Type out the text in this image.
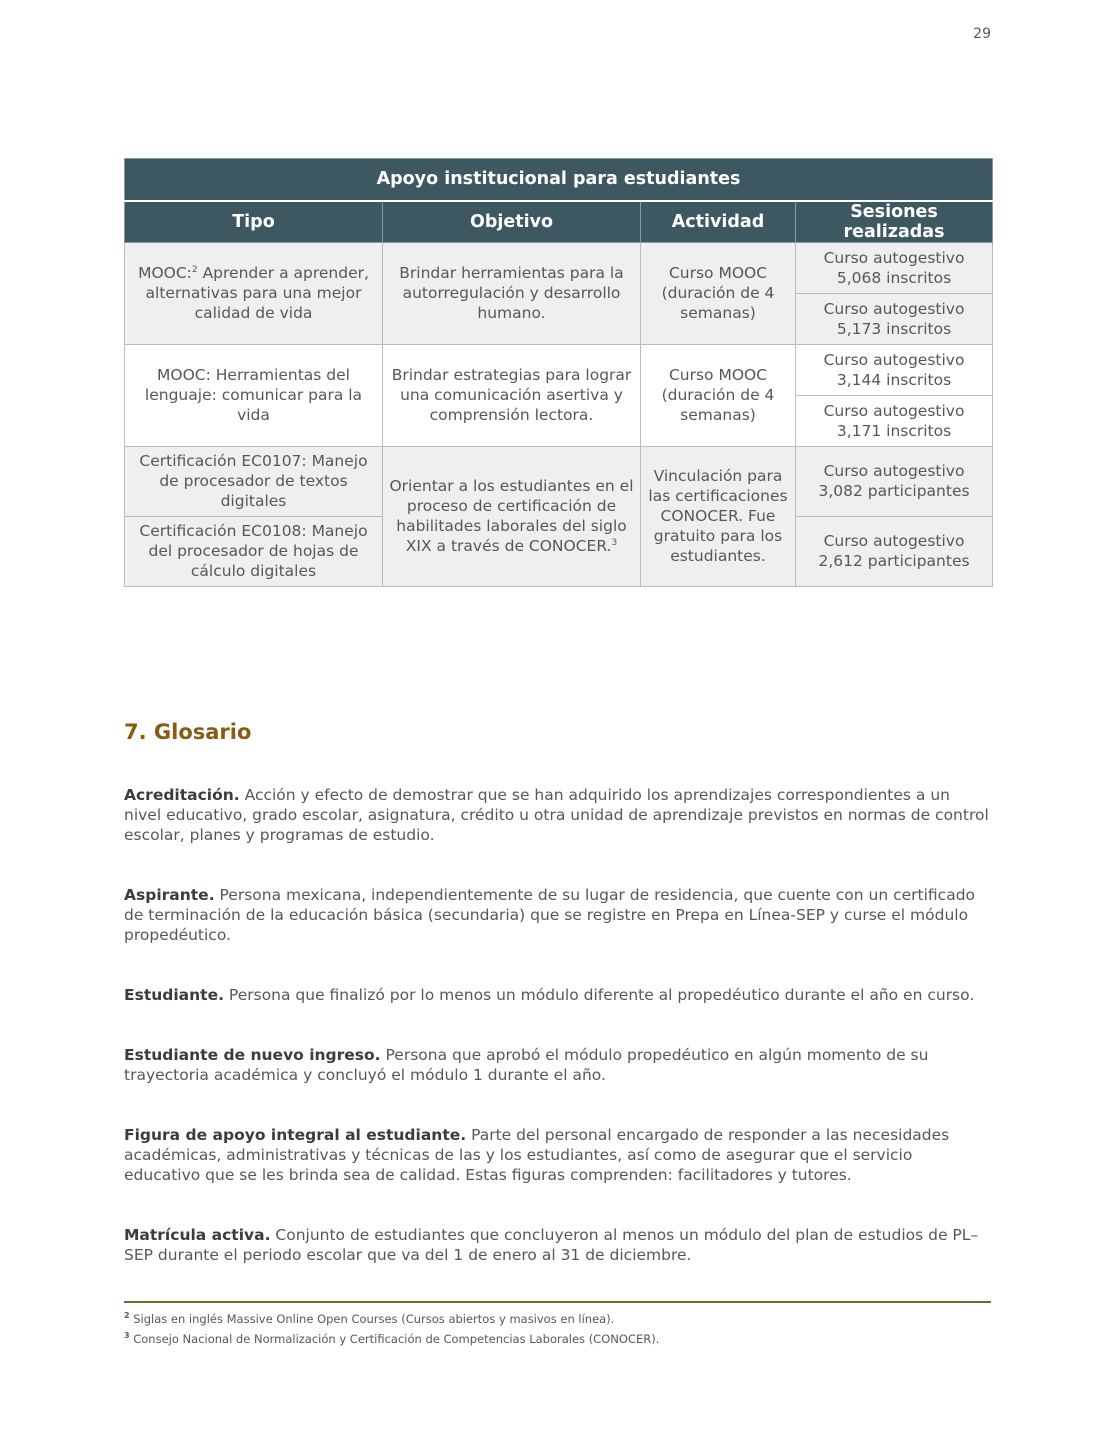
29
Apoyo institucional para estudiantes			
Tipo	Objetivo	Actividad	Sesiones realizadas
MOOC:$^2$ Aprender a aprender, alternativas para una mejor calidad de vida	Brindar herramientas para la autorregulación y desarrollo humano.	Curso MOOC (duración de 4 semanas)	Curso autogestivo 5,068 inscritos
			Curso autogestivo 5,173 inscritos
MOOC: Herramientas del lenguaje: comunicar para la vida	Brindar estrategias para lograr una comunicación asertiva y comprensión lectora.	Curso MOOC (duración de 4 semanas)	Curso autogestivo 3,144 inscritos
			Curso autogestivo 3,171 inscritos
Certificación EC0107: Manejo de procesador de textos digitales	Orientar a los estudiantes en el proceso de certificación de habilitades laborales del siglo XIX a través de CONOCER.$^3$	Vinculación para las certificaciones CONOCER. Fue gratuito para los estudiantes.	Curso autogestivo 3,082 participantes
Certificación EC0108: Manejo del procesador de hojas de cálculo digitales			Curso autogestivo 2,612 participantes
7. Glosario

Acreditación. Acción y efecto de demostrar que se han adquirido los aprendizajes correspondientes a un nivel educativo, grado escolar, asignatura, crédito u otra unidad de aprendizaje previstos en normas de control escolar, planes y programas de estudio.

Aspirante. Persona mexicana, independientemente de su lugar de residencia, que cuente con un certificado de terminación de la educación básica (secundaria) que se registre en Prepa en Línea-SEP y curse el módulo propedéutico.

Estudiante. Persona que finalizó por lo menos un módulo diferente al propedéutico durante el año en curso.

Estudiante de nuevo ingreso. Persona que aprobó el módulo propedéutico en algún momento de su trayectoria académica y concluyó el módulo 1 durante el año.

Figura de apoyo integral al estudiante. Parte del personal encargado de responder a las necesidades académicas, administrativas y técnicas de las y los estudiantes, así como de asegurar que el servicio educativo que se les brinda sea de calidad. Estas figuras comprenden: facilitadores y tutores.

Matrícula activa. Conjunto de estudiantes que concluyeron al menos un módulo del plan de estudios de PL–SEP durante el periodo escolar que va del 1 de enero al 31 de diciembre.

$^2$ Siglas en inglés Massive Online Open Courses (Cursos abiertos y masivos en línea).

$^3$ Consejo Nacional de Normalización y Certificación de Competencias Laborales (CONOCER).
